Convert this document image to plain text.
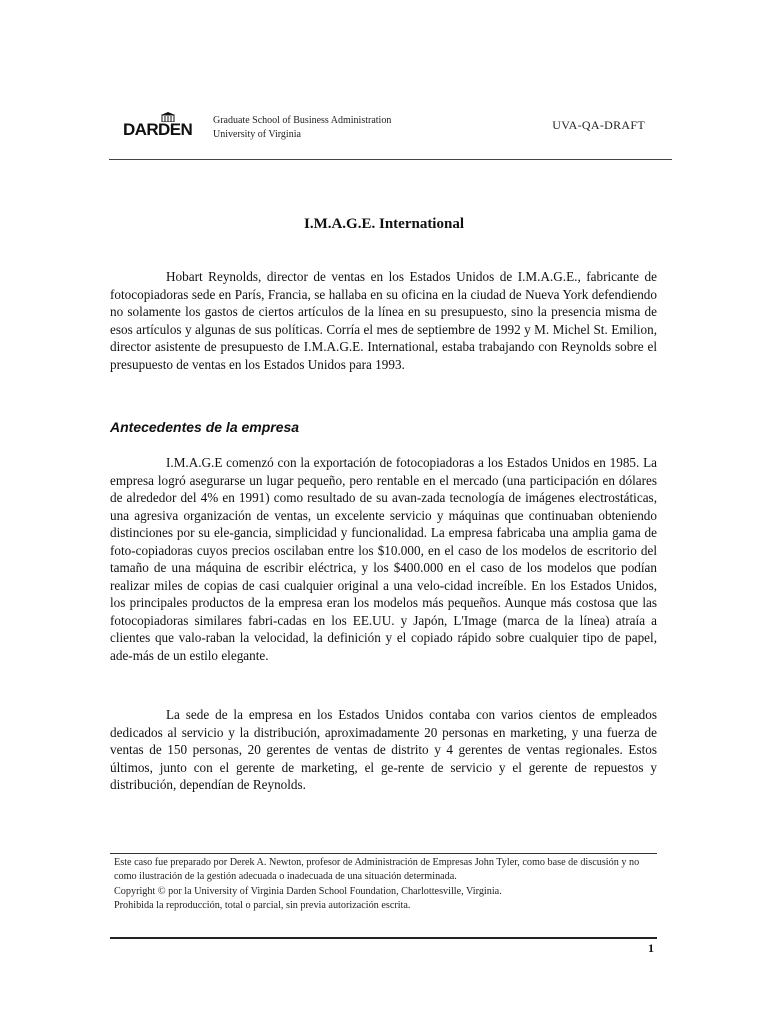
DARDEN Graduate School of Business Administration
University of Virginia
UVA-QA-DRAFT
I.M.A.G.E. International

Hobart Reynolds, director de ventas en los Estados Unidos de I.M.A.G.E., fabricante de fotocopiadoras sede en París, Francia, se hallaba en su oficina en la ciudad de Nueva York defendiendo no solamente los gastos de ciertos artículos de la línea en su presupuesto, sino la presencia misma de esos artículos y algunas de sus políticas. Corría el mes de septiembre de 1992 y M. Michel St. Emilion, director asistente de presupuesto de I.M.A.G.E. International, estaba trabajando con Reynolds sobre el presupuesto de ventas en los Estados Unidos para 1993.

Antecedentes de la empresa

I.M.A.G.E comenzó con la exportación de fotocopiadoras a los Estados Unidos en 1985. La empresa logró asegurarse un lugar pequeño, pero rentable en el mercado (una participación en dólares de alrededor del 4% en 1991) como resultado de su avan-zada tecnología de imágenes electrostáticas, una agresiva organización de ventas, un excelente servicio y máquinas que continuaban obteniendo distinciones por su ele-gancia, simplicidad y funcionalidad. La empresa fabricaba una amplia gama de foto-copiadoras cuyos precios oscilaban entre los $10.000, en el caso de los modelos de escritorio del tamaño de una máquina de escribir eléctrica, y los $400.000 en el caso de los modelos que podían realizar miles de copias de casi cualquier original a una velo-cidad increíble. En los Estados Unidos, los principales productos de la empresa eran los modelos más pequeños. Aunque más costosa que las fotocopiadoras similares fabri-cadas en los EE.UU. y Japón, L'Image (marca de la línea) atraía a clientes que valo-raban la velocidad, la definición y el copiado rápido sobre cualquier tipo de papel, ade-más de un estilo elegante.

La sede de la empresa en los Estados Unidos contaba con varios cientos de empleados dedicados al servicio y la distribución, aproximadamente 20 personas en marketing, y una fuerza de ventas de 150 personas, 20 gerentes de ventas de distrito y 4 gerentes de ventas regionales. Estos últimos, junto con el gerente de marketing, el ge-rente de servicio y el gerente de repuestos y distribución, dependían de Reynolds.

Este caso fue preparado por Derek A. Newton, profesor de Administración de Empresas John Tyler, como base de discusión y no como ilustración de la gestión adecuada o inadecuada de una situación determinada.

Copyright © por la University of Virginia Darden School Foundation, Charlottesville, Virginia.

Prohibida la reproducción, total o parcial, sin previa autorización escrita.

1
